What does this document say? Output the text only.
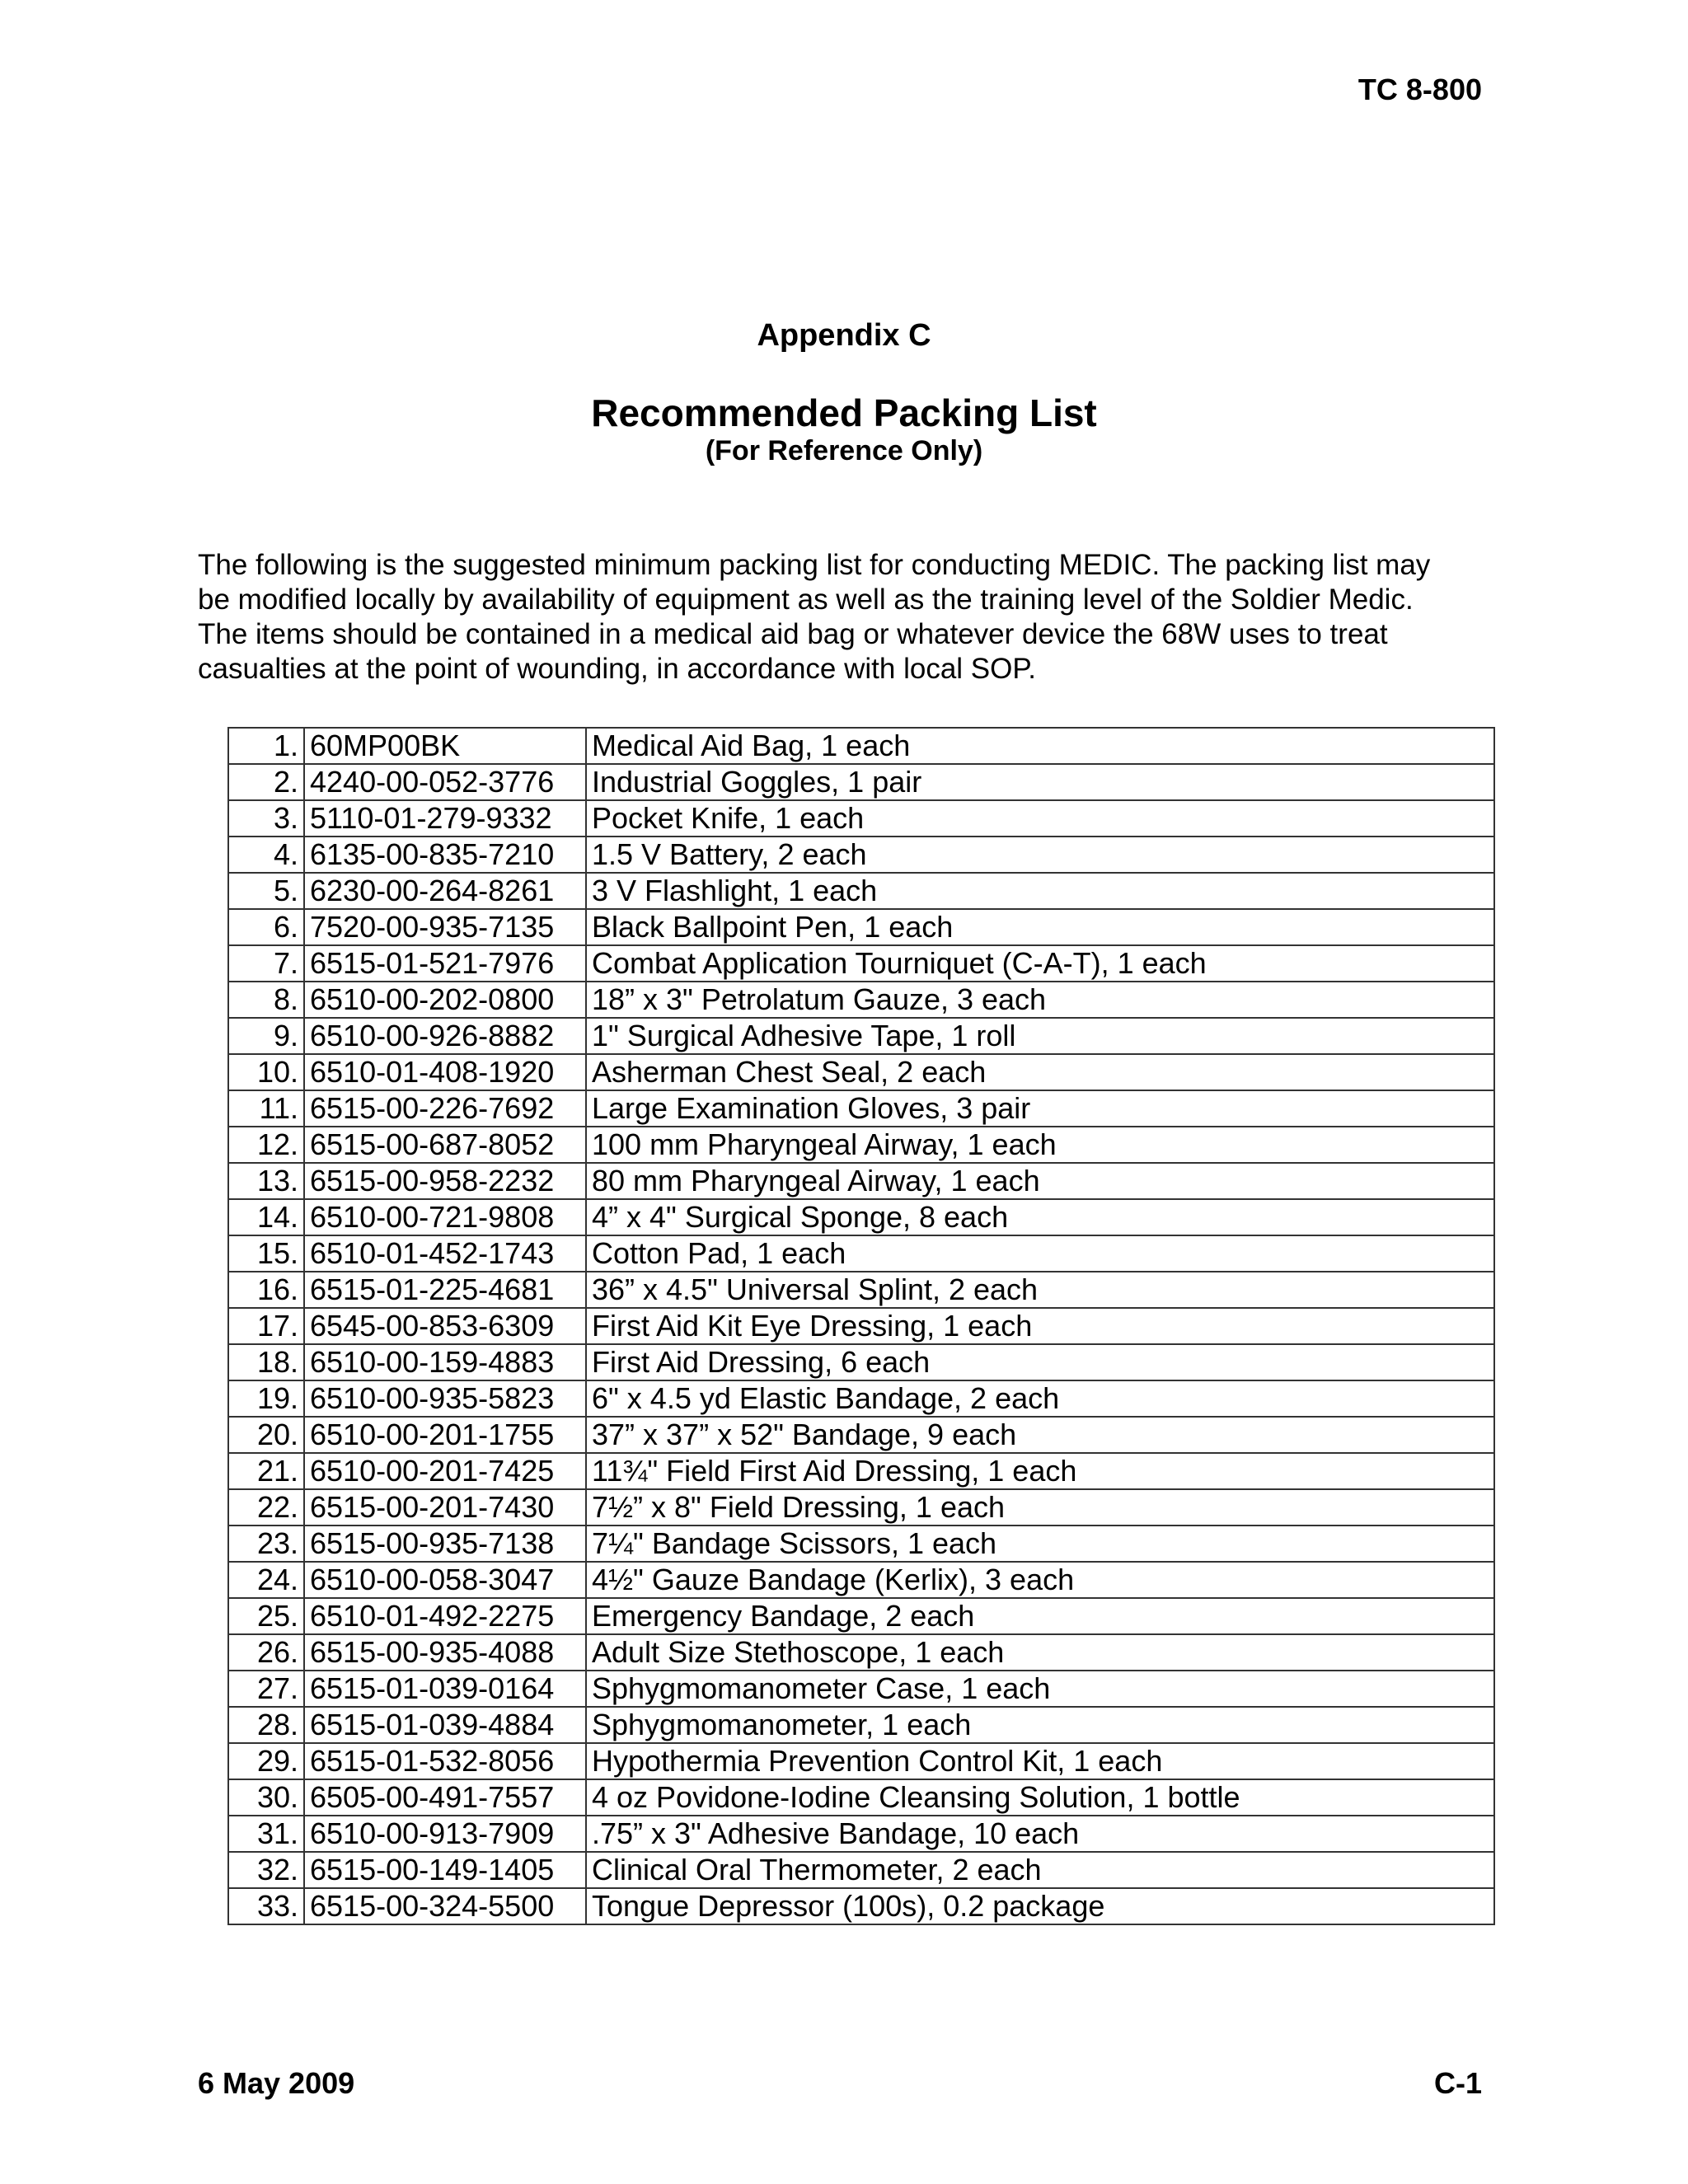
TC 8-800
Appendix C
Recommended Packing List
(For Reference Only)

The following is the suggested minimum packing list for conducting MEDIC. The packing list may be modified locally by availability of equipment as well as the training level of the Soldier Medic. The items should be contained in a medical aid bag or whatever device the 68W uses to treat casualties at the point of wounding, in accordance with local SOP.

1.	60MP00BK	Medical Aid Bag, 1 each
2.	4240-00-052-3776	Industrial Goggles, 1 pair
3.	5110-01-279-9332	Pocket Knife, 1 each
4.	6135-00-835-7210	1.5 V Battery, 2 each
5.	6230-00-264-8261	3 V Flashlight, 1 each
6.	7520-00-935-7135	Black Ballpoint Pen, 1 each
7.	6515-01-521-7976	Combat Application Tourniquet (C-A-T), 1 each
8.	6510-00-202-0800	18” x 3" Petrolatum Gauze, 3 each
9.	6510-00-926-8882	1" Surgical Adhesive Tape, 1 roll
10.	6510-01-408-1920	Asherman Chest Seal, 2 each
11.	6515-00-226-7692	Large Examination Gloves, 3 pair
12.	6515-00-687-8052	100 mm Pharyngeal Airway, 1 each
13.	6515-00-958-2232	80 mm Pharyngeal Airway, 1 each
14.	6510-00-721-9808	4” x 4" Surgical Sponge, 8 each
15.	6510-01-452-1743	Cotton Pad, 1 each
16.	6515-01-225-4681	36” x 4.5" Universal Splint, 2 each
17.	6545-00-853-6309	First Aid Kit Eye Dressing, 1 each
18.	6510-00-159-4883	First Aid Dressing, 6 each
19.	6510-00-935-5823	6" x 4.5 yd Elastic Bandage, 2 each
20.	6510-00-201-1755	37” x 37” x 52" Bandage, 9 each
21.	6510-00-201-7425	11¾" Field First Aid Dressing, 1 each
22.	6515-00-201-7430	7½” x 8" Field Dressing, 1 each
23.	6515-00-935-7138	7¼" Bandage Scissors, 1 each
24.	6510-00-058-3047	4½" Gauze Bandage (Kerlix), 3 each
25.	6510-01-492-2275	Emergency Bandage, 2 each
26.	6515-00-935-4088	Adult Size Stethoscope, 1 each
27.	6515-01-039-0164	Sphygmomanometer Case, 1 each
28.	6515-01-039-4884	Sphygmomanometer, 1 each
29.	6515-01-532-8056	Hypothermia Prevention Control Kit, 1 each
30.	6505-00-491-7557	4 oz Povidone-Iodine Cleansing Solution, 1 bottle
31.	6510-00-913-7909	.75” x 3" Adhesive Bandage, 10 each
32.	6515-00-149-1405	Clinical Oral Thermometer, 2 each
33.	6515-00-324-5500	Tongue Depressor (100s), 0.2 package
6 May 2009	C-1
